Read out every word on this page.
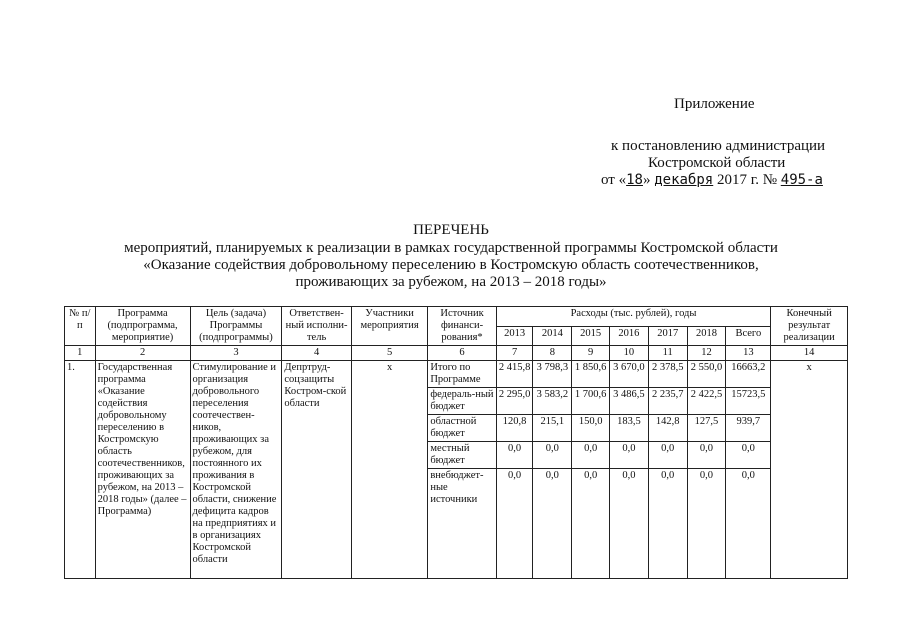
Приложение
к постановлению администрации
Костромской области
от «18» декабря 2017 г. № 495-а
ПЕРЕЧЕНЬ
мероприятий, планируемых к реализации в рамках государственной программы Костромской области
«Оказание содействия добровольному переселению в Костромскую область соотечественников,
проживающих за рубежом, на 2013 – 2018 годы»
№ п/п	Программа (подпрограмма, мероприятие)	Цель (задача) Программы (подпрограммы)	Ответствен-ный исполни-тель	Участники мероприятия	Источник финанси-рования*	Расходы (тыс. рублей), годы							Конечный результат реализации
						2013	2014	2015	2016	2017	2018	Всего	
1	2	3	4	5	6	7	8	9	10	11	12	13	14
1.	Государственная программа «Оказание содействия добровольному переселению в Костромскую область соотечественников, проживающих за рубежом, на 2013 – 2018 годы» (далее – Программа)	Стимулирование и организация добровольного переселения соотечествен-ников, проживающих за рубежом, для постоянного их проживания в Костромской области, снижение дефицита кадров на предприятиях и в организациях Костромской области	Депртруд-соцзащиты Костром-ской области	х	Итого по Программе	2 415,8	3 798,3	1 850,6	3 670,0	2 378,5	2 550,0	16663,2	х
					федераль-ный бюджет	2 295,0	3 583,2	1 700,6	3 486,5	2 235,7	2 422,5	15723,5	
					областной бюджет	120,8	215,1	150,0	183,5	142,8	127,5	939,7	
					местный бюджет	0,0	0,0	0,0	0,0	0,0	0,0	0,0	
					внебюджет-ные источники	0,0	0,0	0,0	0,0	0,0	0,0	0,0	
